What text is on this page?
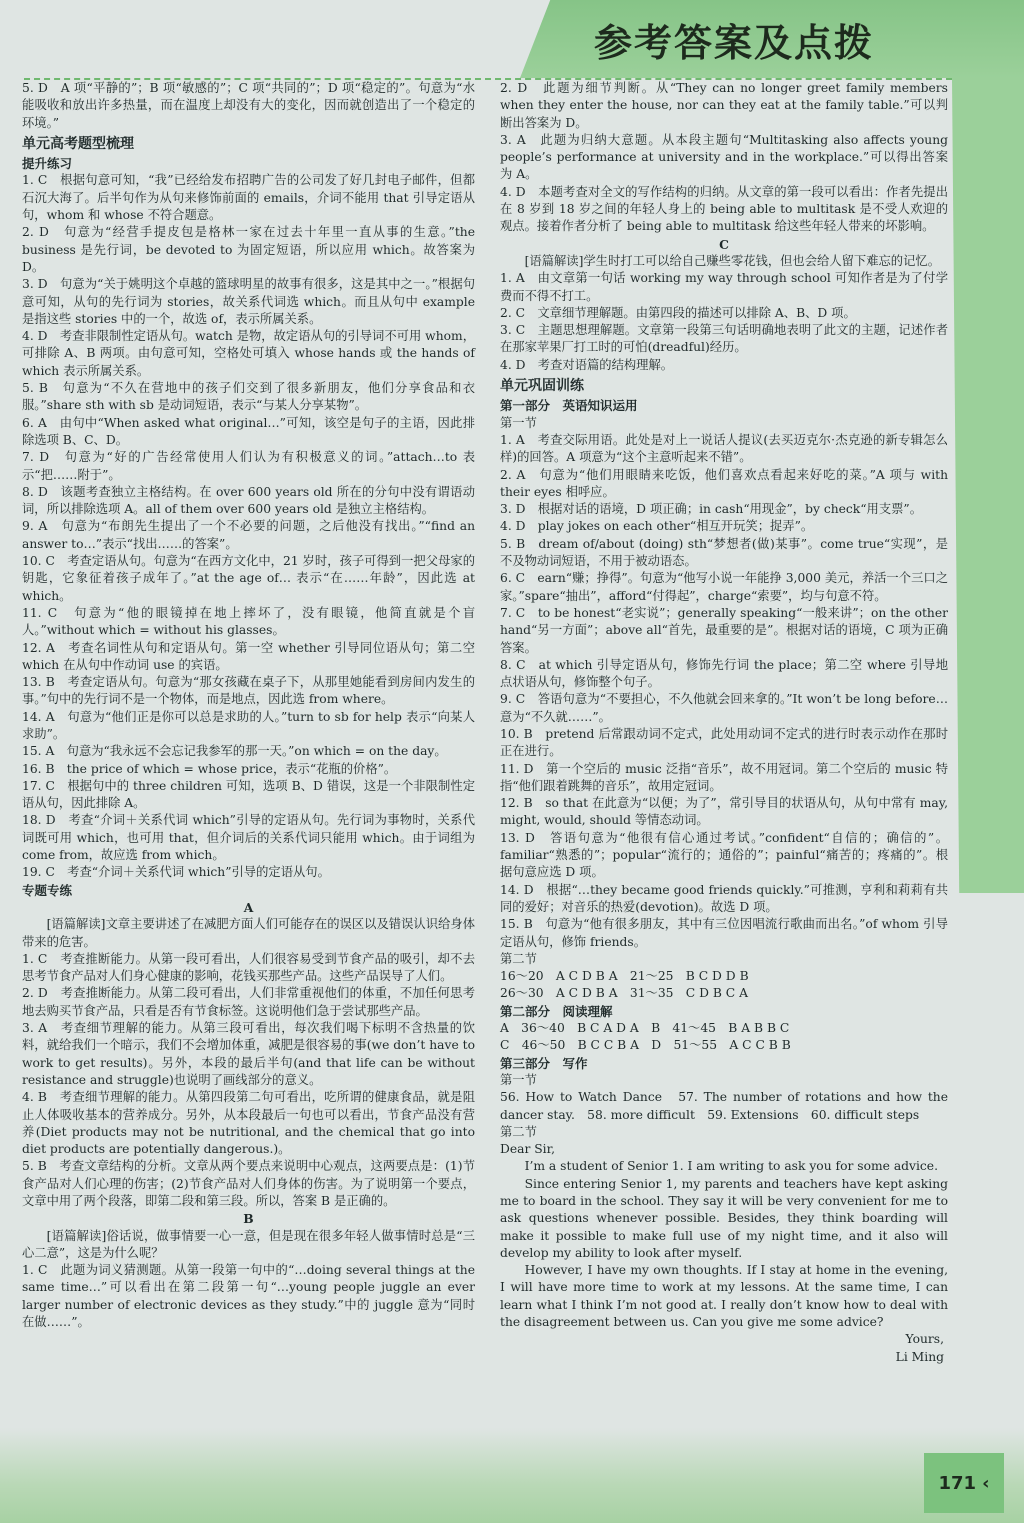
参考答案及点拨

5. D　A 项“平静的”；B 项“敏感的”；C 项“共同的”；D 项“稳定的”。句意为“水能吸收和放出许多热量，而在温度上却没有大的变化，因而就创造出了一个稳定的环境。”

单元高考题型梳理

提升练习

1. C　根据句意可知，“我”已经给发布招聘广告的公司发了好几封电子邮件，但都石沉大海了。后半句作为从句来修饰前面的 emails，介词不能用 that 引导定语从句，whom 和 whose 不符合题意。

2. D　句意为“经营手提皮包是格林一家在过去十年里一直从事的生意。”the business 是先行词，be devoted to 为固定短语，所以应用 which。故答案为 D。

3. D　句意为“关于姚明这个卓越的篮球明星的故事有很多，这是其中之一。”根据句意可知，从句的先行词为 stories，故关系代词选 which。而且从句中 example 是指这些 stories 中的一个，故选 of，表示所属关系。

4. D　考查非限制性定语从句。watch 是物，故定语从句的引导词不可用 whom，可排除 A、B 两项。由句意可知，空格处可填入 whose hands 或 the hands of which 表示所属关系。

5. B　句意为“不久在营地中的孩子们交到了很多新朋友，他们分享食品和衣服。”share sth with sb 是动词短语，表示“与某人分享某物”。

6. A　由句中“When asked what original…”可知，该空是句子的主语，因此排除选项 B、C、D。

7. D　句意为“好的广告经常使用人们认为有积极意义的词。”attach…to 表示“把……附于”。

8. D　该题考查独立主格结构。在 over 600 years old 所在的分句中没有谓语动词，所以排除选项 A。all of them over 600 years old 是独立主格结构。

9. A　句意为“布朗先生提出了一个不必要的问题，之后他没有找出。”“find an answer to…”表示“找出……的答案”。

10. C　考查定语从句。句意为“在西方文化中，21 岁时，孩子可得到一把父母家的钥匙，它象征着孩子成年了。”at the age of… 表示“在……年龄”，因此选 at which。

11. C　句意为“他的眼镜掉在地上摔坏了，没有眼镜，他简直就是个盲人。”without which = without his glasses。

12. A　考查名词性从句和定语从句。第一空 whether 引导同位语从句；第二空 which 在从句中作动词 use 的宾语。

13. B　考查定语从句。句意为“那女孩藏在桌子下，从那里她能看到房间内发生的事。”句中的先行词不是一个物体，而是地点，因此选 from where。

14. A　句意为“他们正是你可以总是求助的人。”turn to sb for help 表示“向某人求助”。

15. A　句意为“我永远不会忘记我参军的那一天。”on which = on the day。

16. B　the price of which = whose price，表示“花瓶的价格”。

17. C　根据句中的 three children 可知，选项 B、D 错误，这是一个非限制性定语从句，因此排除 A。

18. D　考查“介词＋关系代词 which”引导的定语从句。先行词为事物时，关系代词既可用 which，也可用 that，但介词后的关系代词只能用 which。由于词组为 come from，故应选 from which。

19. C　考查“介词＋关系代词 which”引导的定语从句。

专题专练

A

[语篇解读]文章主要讲述了在减肥方面人们可能存在的误区以及错误认识给身体带来的危害。

1. C　考查推断能力。从第一段可看出，人们很容易受到节食产品的吸引，却不去思考节食产品对人们身心健康的影响，花钱买那些产品。这些产品误导了人们。

2. D　考查推断能力。从第二段可看出，人们非常重视他们的体重，不加任何思考地去购买节食产品，只看是否有节食标签。这说明他们急于尝试那些产品。

3. A　考查细节理解的能力。从第三段可看出，每次我们喝下标明不含热量的饮料，就给我们一个暗示，我们不会增加体重，减肥是很容易的事(we don’t have to work to get results)。另外，本段的最后半句(and that life can be without resistance and struggle)也说明了画线部分的意义。

4. B　考查细节理解的能力。从第四段第二句可看出，吃所谓的健康食品，就是阻止人体吸收基本的营养成分。另外，从本段最后一句也可以看出，节食产品没有营养(Diet products may not be nutritional, and the chemical that go into diet products are potentially dangerous.)。

5. B　考查文章结构的分析。文章从两个要点来说明中心观点，这两要点是：(1)节食产品对人们心理的伤害；(2)节食产品对人们身体的伤害。为了说明第一个要点，文章中用了两个段落，即第二段和第三段。所以，答案 B 是正确的。

B

[语篇解读]俗话说，做事情要一心一意，但是现在很多年轻人做事情时总是“三心二意”，这是为什么呢？

1. C　此题为词义猜测题。从第一段第一句中的“…doing several things at the same time…”可以看出在第二段第一句“…young people juggle an ever larger number of electronic devices as they study.”中的 juggle 意为“同时在做……”。

2. D　此题为细节判断。从“They can no longer greet family members when they enter the house, nor can they eat at the family table.”可以判断出答案为 D。

3. A　此题为归纳大意题。从本段主题句“Multitasking also affects young people’s performance at university and in the workplace.”可以得出答案为 A。

4. D　本题考查对全文的写作结构的归纳。从文章的第一段可以看出：作者先提出在 8 岁到 18 岁之间的年轻人身上的 being able to multitask 是不受人欢迎的观点。接着作者分析了 being able to multitask 给这些年轻人带来的坏影响。

C

[语篇解读]学生时打工可以给自己赚些零花钱，但也会给人留下难忘的记忆。

1. A　由文章第一句话 working my way through school 可知作者是为了付学费而不得不打工。

2. C　文章细节理解题。由第四段的描述可以排除 A、B、D 项。

3. C　主题思想理解题。文章第一段第三句话明确地表明了此文的主题，记述作者在那家苹果厂打工时的可怕(dreadful)经历。

4. D　考查对语篇的结构理解。

单元巩固训练

第一部分　英语知识运用

第一节

1. A　考查交际用语。此处是对上一说话人提议(去买迈克尔·杰克逊的新专辑怎么样)的回答。A 项意为“这个主意听起来不错”。

2. A　句意为“他们用眼睛来吃饭，他们喜欢点看起来好吃的菜。”A 项与 with their eyes 相呼应。

3. D　根据对话的语境，D 项正确；in cash“用现金”，by check“用支票”。

4. D　play jokes on each other“相互开玩笑；捉弄”。

5. B　dream of/about (doing) sth“梦想者(做)某事”。come true“实现”，是不及物动词短语，不用于被动语态。

6. C　earn“赚；挣得”。句意为“他写小说一年能挣 3,000 美元，养活一个三口之家。”spare“抽出”，afford“付得起”，charge“索要”，均与句意不符。

7. C　to be honest“老实说”；generally speaking“一般来讲”；on the other hand“另一方面”；above all“首先，最重要的是”。根据对话的语境，C 项为正确答案。

8. C　at which 引导定语从句，修饰先行词 the place；第二空 where 引导地点状语从句，修饰整个句子。

9. C　答语句意为“不要担心，不久他就会回来拿的。”It won’t be long before… 意为“不久就……”。

10. B　pretend 后常跟动词不定式，此处用动词不定式的进行时表示动作在那时正在进行。

11. D　第一个空后的 music 泛指“音乐”，故不用冠词。第二个空后的 music 特指“他们跟着跳舞的音乐”，故用定冠词。

12. B　so that 在此意为“以便；为了”，常引导目的状语从句，从句中常有 may, might, would, should 等情态动词。

13. D　答语句意为“他很有信心通过考试。”confident“自信的；确信的”。familiar“熟悉的”；popular“流行的；通俗的”；painful“痛苦的；疼痛的”。根据句意应选 D 项。

14. D　根据“…they became good friends quickly.”可推测，亨利和莉莉有共同的爱好；对音乐的热爱(devotion)。故选 D 项。

15. B　句意为“他有很多朋友，其中有三位因唱流行歌曲而出名。”of whom 引导定语从句，修饰 friends。

第二节

16～20　A C D B A　21～25　B C D D B

26～30　A C D B A　31～35　C D B C A

第二部分　阅读理解

A　36～40　B C A D A　B　41～45　B A B B C

C　46～50　B C C B A　D　51～55　A C C B B

第三部分　写作

第一节

56. How to Watch Dance　57. The number of rotations and how the dancer stay.　58. more difficult　59. Extensions　60. difficult steps

第二节

Dear Sir,

I’m a student of Senior 1. I am writing to ask you for some advice.

Since entering Senior 1, my parents and teachers have kept asking me to board in the school. They say it will be very convenient for me to ask questions whenever possible. Besides, they think boarding will make it possible to make full use of my night time, and it also will develop my ability to look after myself.

However, I have my own thoughts. If I stay at home in the evening, I will have more time to work at my lessons. At the same time, I can learn what I think I’m not good at. I really don’t know how to deal with the disagreement between us. Can you give me some advice?

Yours,

Li Ming

171 ‹
